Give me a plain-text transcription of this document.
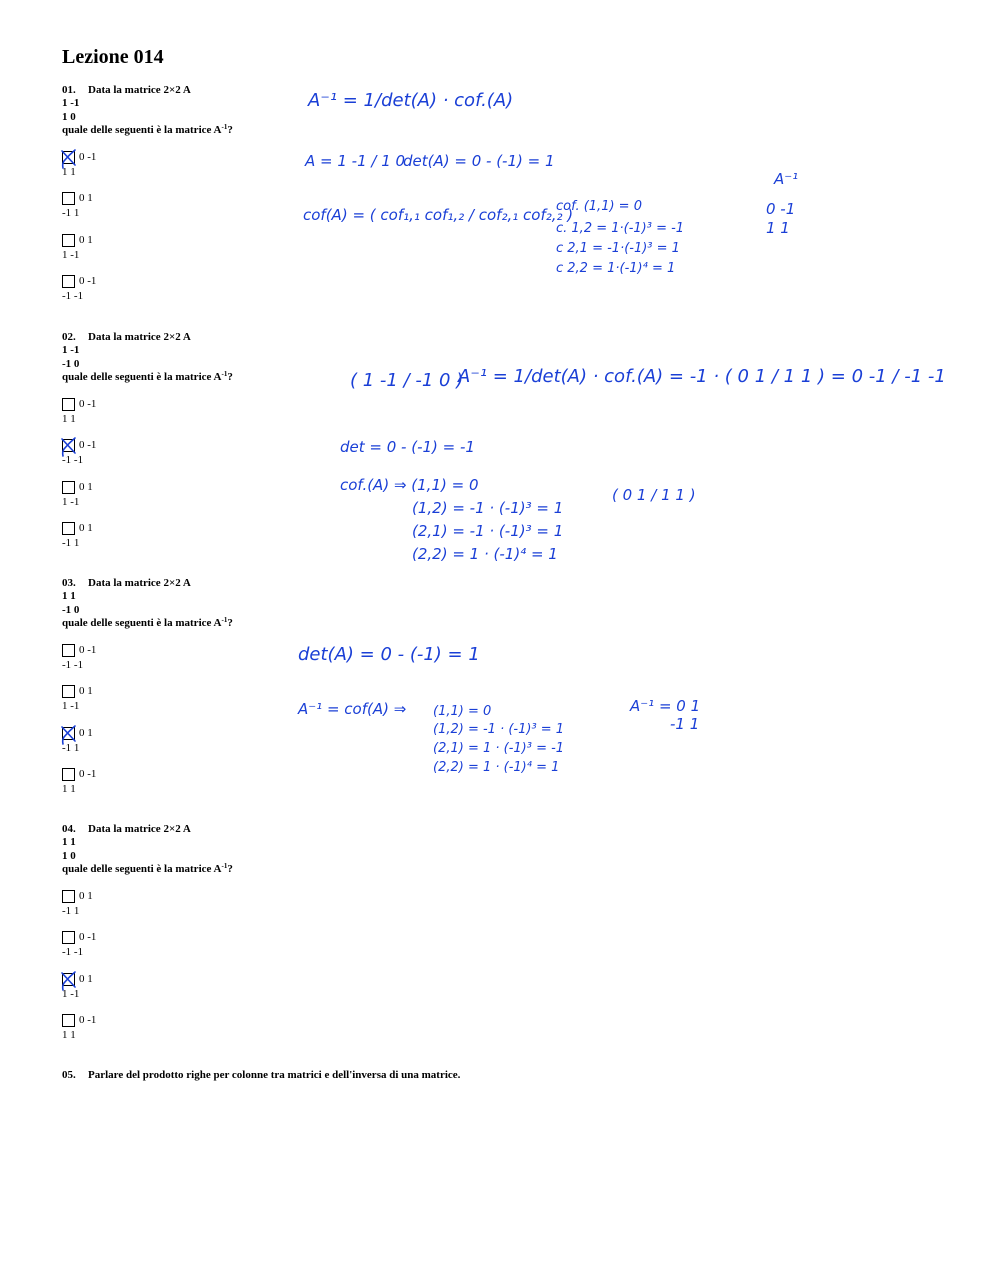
Lezione 014
01. Data la matrice 2×2 A
1 -1
1 0
quale delle seguenti è la matrice $A^{-1}$?
0 -1
1 1
0 1
-1 1
0 1
1 -1
0 -1
-1 -1
02. Data la matrice 2×2 A
1 -1
-1 0
quale delle seguenti è la matrice $A^{-1}$?
0 -1
1 1
0 -1
-1 -1
0 1
1 -1
0 1
-1 1
03. Data la matrice 2×2 A
1 1
-1 0
quale delle seguenti è la matrice $A^{-1}$?
0 -1
-1 -1
0 1
1 -1
0 1
-1 1
0 -1
1 1
04. Data la matrice 2×2 A
1 1
1 0
quale delle seguenti è la matrice $A^{-1}$?
0 1
-1 1
0 -1
-1 -1
0 1
1 -1
0 -1
1 1
05. Parlare del prodotto righe per colonne tra matrici e dell'inversa di una matrice.
A⁻¹ = 1/det(A) · cof.(A)
A = 1 -1 / 1 0
det(A) = 0 - (-1) = 1
cof(A) = ( cof₁,₁ cof₁,₂ / cof₂,₁ cof₂,₂ )
cof. (1,1) = 0
c. 1,2 = 1·(-1)³ = -1
c 2,1 = -1·(-1)³ = 1
c 2,2 = 1·(-1)⁴ = 1
A⁻¹
0 -1
1 1
( 1 -1 / -1 0 )
A⁻¹ = 1/det(A) · cof.(A) = -1 · ( 0 1 / 1 1 ) = 0 -1 / -1 -1
det = 0 - (-1) = -1
cof.(A) ⇒ (1,1) = 0
(1,2) = -1 · (-1)³ = 1
(2,1) = -1 · (-1)³ = 1
(2,2) = 1 · (-1)⁴ = 1
( 0 1 / 1 1 )
det(A) = 0 - (-1) = 1
A⁻¹ = cof(A) ⇒ (1,1) = 0
(1,2) = -1 · (-1)³ = 1
(2,1) = 1 · (-1)³ = -1
(2,2) = 1 · (-1)⁴ = 1
A⁻¹ = 0 1
-1 1
